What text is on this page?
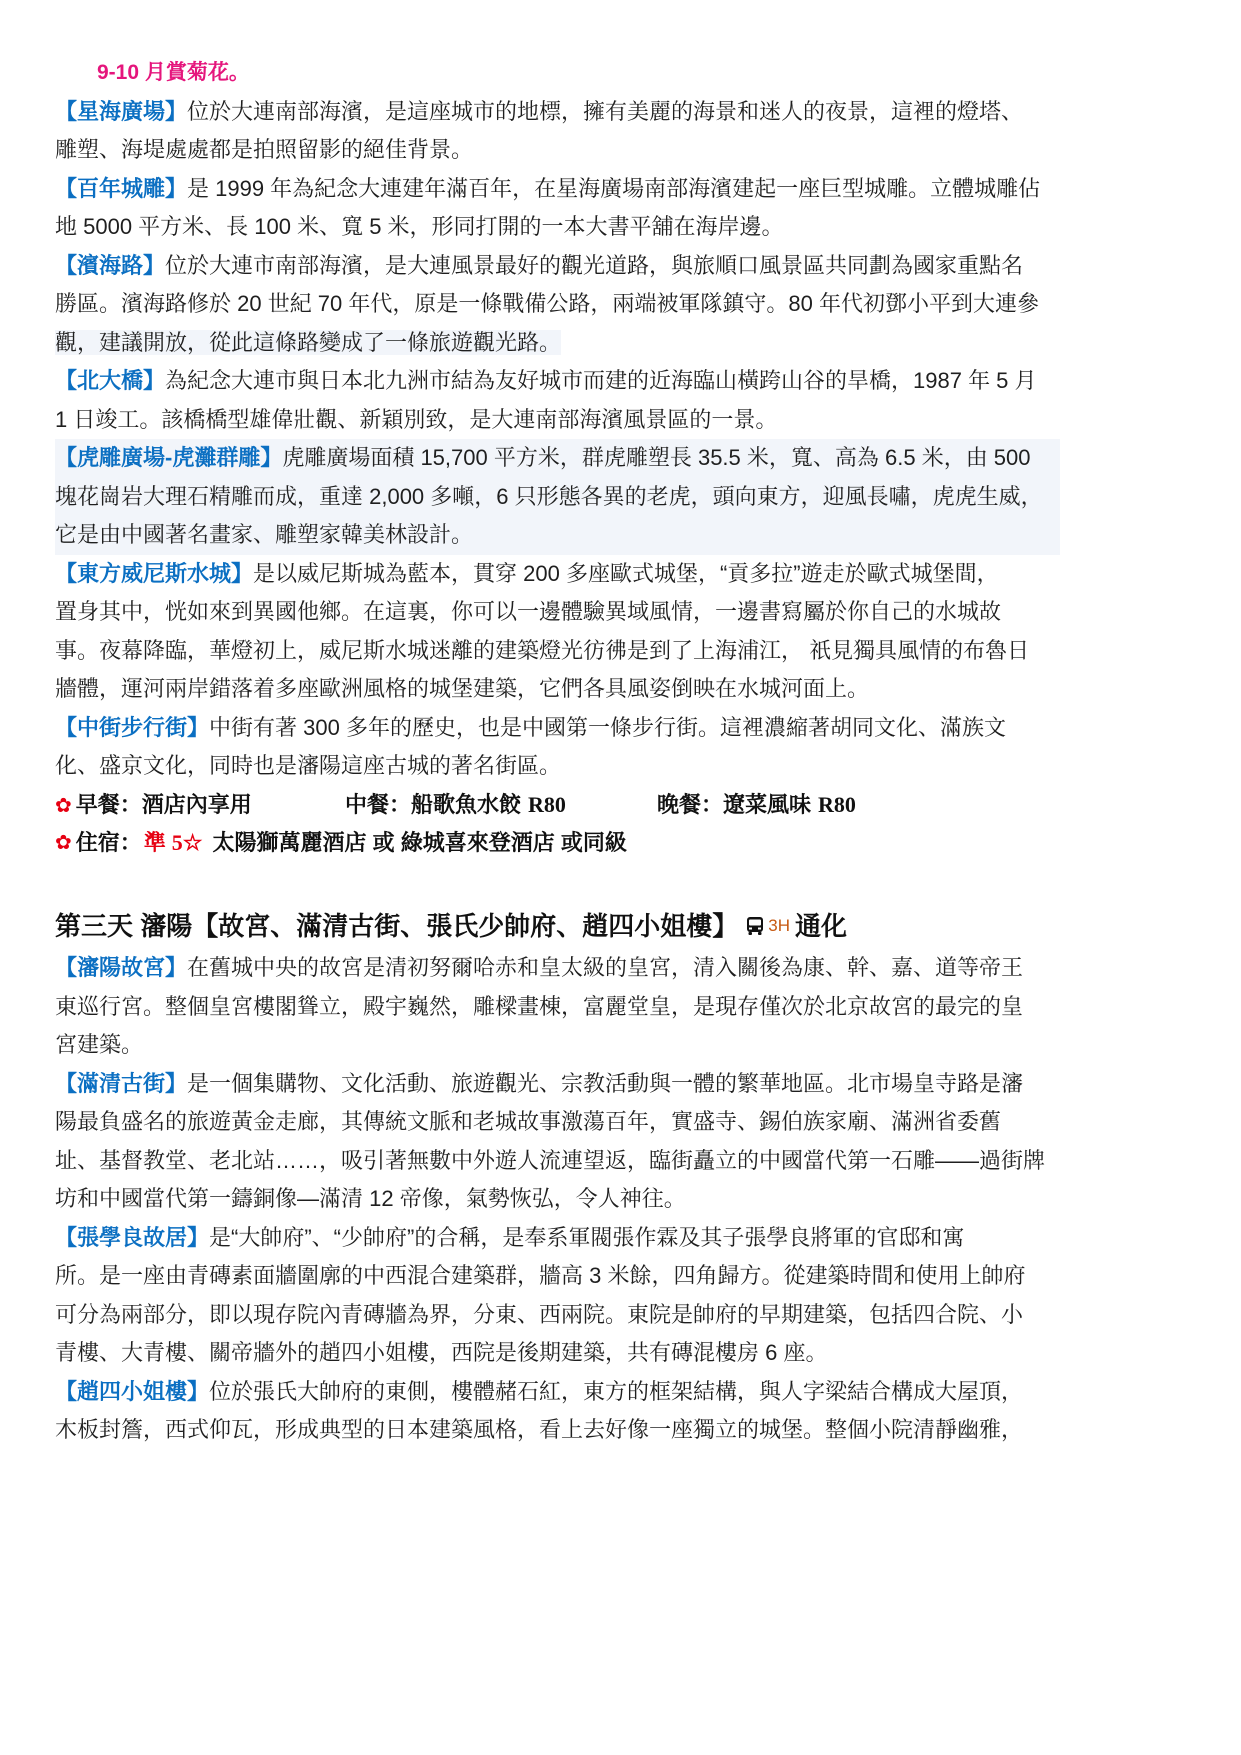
9-10 月賞菊花。
【星海廣場】位於大連南部海濱，是這座城市的地標，擁有美麗的海景和迷人的夜景，這裡的燈塔、
雕塑、海堤處處都是拍照留影的絕佳背景。
【百年城雕】是 1999 年為紀念大連建年滿百年，在星海廣場南部海濱建起一座巨型城雕。立體城雕佔
地 5000 平方米、長 100 米、寬 5 米，形同打開的一本大書平舖在海岸邊。
【濱海路】位於大連市南部海濱，是大連風景最好的觀光道路，與旅順口風景區共同劃為國家重點名
勝區。濱海路修於 20 世紀 70 年代，原是一條戰備公路，兩端被軍隊鎮守。80 年代初鄧小平到大連參
觀，建議開放，從此這條路變成了一條旅遊觀光路。
【北大橋】為紀念大連市與日本北九洲市結為友好城市而建的近海臨山橫跨山谷的旱橋，1987 年 5 月
1 日竣工。該橋橋型雄偉壯觀、新穎別致，是大連南部海濱風景區的一景。
【虎雕廣場-虎灘群雕】虎雕廣場面積 15,700 平方米，群虎雕塑長 35.5 米，寬、高為 6.5 米，由 500
塊花崗岩大理石精雕而成，重達 2,000 多噸，6 只形態各異的老虎，頭向東方，迎風長嘯，虎虎生威，
它是由中國著名畫家、雕塑家韓美林設計。
【東方威尼斯水城】是以威尼斯城為藍本，貫穿 200 多座歐式城堡，“貢多拉”遊走於歐式城堡間，
置身其中，恍如來到異國他鄉。在這裏，你可以一邊體驗異域風情，一邊書寫屬於你自己的水城故
事。夜幕降臨，華燈初上，威尼斯水城迷離的建築燈光彷彿是到了上海浦江， 祇見獨具風情的布魯日
牆體，運河兩岸錯落着多座歐洲風格的城堡建築，它們各具風姿倒映在水城河面上。
【中街步行街】中街有著 300 多年的歷史，也是中國第一條步行街。這裡濃縮著胡同文化、滿族文
化、盛京文化，同時也是瀋陽這座古城的著名街區。
✿ 早餐：酒店內享用	中餐：船歌魚水餃 R80	晚餐：遼菜風味 R80
✿ 住宿： 準 5☆ 太陽獅萬麗酒店 或 綠城喜來登酒店 或同級
第三天 瀋陽【故宮、滿清古街、張氏少帥府、趙四小姐樓】 3H 通化
【瀋陽故宮】在舊城中央的故宮是清初努爾哈赤和皇太級的皇宮，清入關後為康、幹、嘉、道等帝王
東巡行宮。整個皇宮樓閣聳立，殿宇巍然，雕樑畫棟，富麗堂皇，是現存僅次於北京故宮的最完的皇
宮建築。
【滿清古街】是一個集購物、文化活動、旅遊觀光、宗教活動與一體的繁華地區。北市場皇寺路是瀋
陽最負盛名的旅遊黃金走廊，其傳統文脈和老城故事激蕩百年，實盛寺、錫伯族家廟、滿洲省委舊
址、基督教堂、老北站……，吸引著無數中外遊人流連望返，臨街矗立的中國當代第一石雕——過街牌
坊和中國當代第一鑄銅像—滿清 12 帝像，氣勢恢弘，令人神往。
【張學良故居】是“大帥府”、“少帥府”的合稱，是奉系軍閥張作霖及其子張學良將軍的官邸和寓
所。是一座由青磚素面牆圍廓的中西混合建築群，牆高 3 米餘，四角歸方。從建築時間和使用上帥府
可分為兩部分，即以現存院內青磚牆為界，分東、西兩院。東院是帥府的早期建築，包括四合院、小
青樓、大青樓、關帝牆外的趙四小姐樓，西院是後期建築，共有磚混樓房 6 座。
【趙四小姐樓】位於張氏大帥府的東側，樓體赭石紅，東方的框架結構，與人字梁結合構成大屋頂，
木板封簷，西式仰瓦，形成典型的日本建築風格，看上去好像一座獨立的城堡。整個小院清靜幽雅，
